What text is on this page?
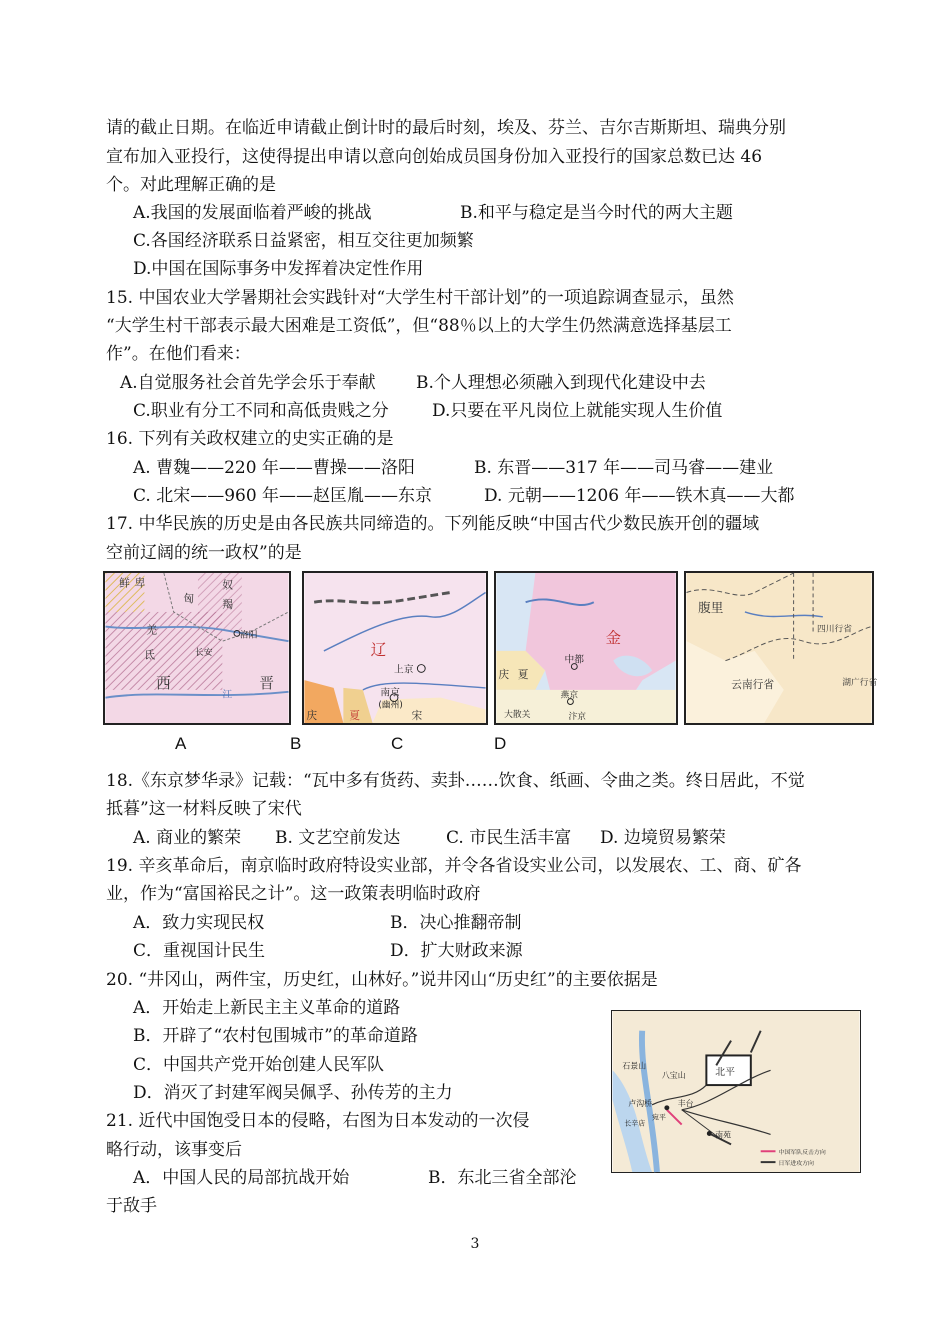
请的截止日期。在临近申请截止倒计时的最后时刻，埃及、芬兰、吉尔吉斯斯坦、瑞典分别
宣布加入亚投行，这使得提出申请以意向创始成员国身份加入亚投行的国家总数已达 46
个。对此理解正确的是
A.我国的发展面临着严峻的挑战	B.和平与稳定是当今时代的两大主题
C.各国经济联系日益紧密，相互交往更加频繁
D.中国在国际事务中发挥着决定性作用
15. 中国农业大学暑期社会实践针对“大学生村干部计划”的一项追踪调查显示，虽然
“大学生村干部表示最大困难是工资低”，但“88％以上的大学生仍然满意选择基层工
作”。在他们看来：
A.自觉服务社会首先学会乐于奉献 B.个人理想必须融入到现代化建设中去
C.职业有分工不同和高低贵贱之分	D.只要在平凡岗位上就能实现人生价值
16. 下列有关政权建立的史实正确的是
A. 曹魏——220 年——曹操——洛阳	B. 东晋——317 年——司马睿——建业
C. 北宋——960 年——赵匡胤——东京	D. 元朝——1206 年——铁木真——大都
17. 中华民族的历史是由各民族共同缔造的。下列能反映“中国古代少数民族开创的疆域
空前辽阔的统一政权”的是
鲜 卑
匈
奴
羯
羌
氐
洛阳
长安
西	晋
江
辽
上京
南京
(幽州)
夏	宋
庆
金
中都
夏
庆
燕京
大散关	汴京
腹里
四川行省
湖广行省
云南行省
A	B	C	D
18.《东京梦华录》记载：“瓦中多有货药、卖卦……饮食、纸画、令曲之类。终日居此，不觉
抵暮”这一材料反映了宋代
A. 商业的繁荣 B. 文艺空前发达	C. 市民生活丰富 D. 边境贸易繁荣
19. 辛亥革命后，南京临时政府特设实业部，并令各省设实业公司，以发展农、工、商、矿各
业，作为“富国裕民之计”。这一政策表明临时政府
A．致力实现民权	B．决心推翻帝制
C．重视国计民生	D．扩大财政来源
20. “井冈山，两件宝，历史红，山林好。”说井冈山“历史红”的主要依据是
A．开始走上新民主主义革命的道路
B．开辟了“农村包围城市”的革命道路
C．中国共产党开始创建人民军队
D．消灭了封建军阀吴佩孚、孙传芳的主力
21. 近代中国饱受日本的侵略，右图为日本发动的一次侵
略行动，该事变后
A．中国人民的局部抗战开始	B．东北三省全部沦
于敌手
北平
石景山
八宝山
卢沟桥
宛平
丰台
长辛店
南苑
中国军队反击方向
日军进攻方向
3
